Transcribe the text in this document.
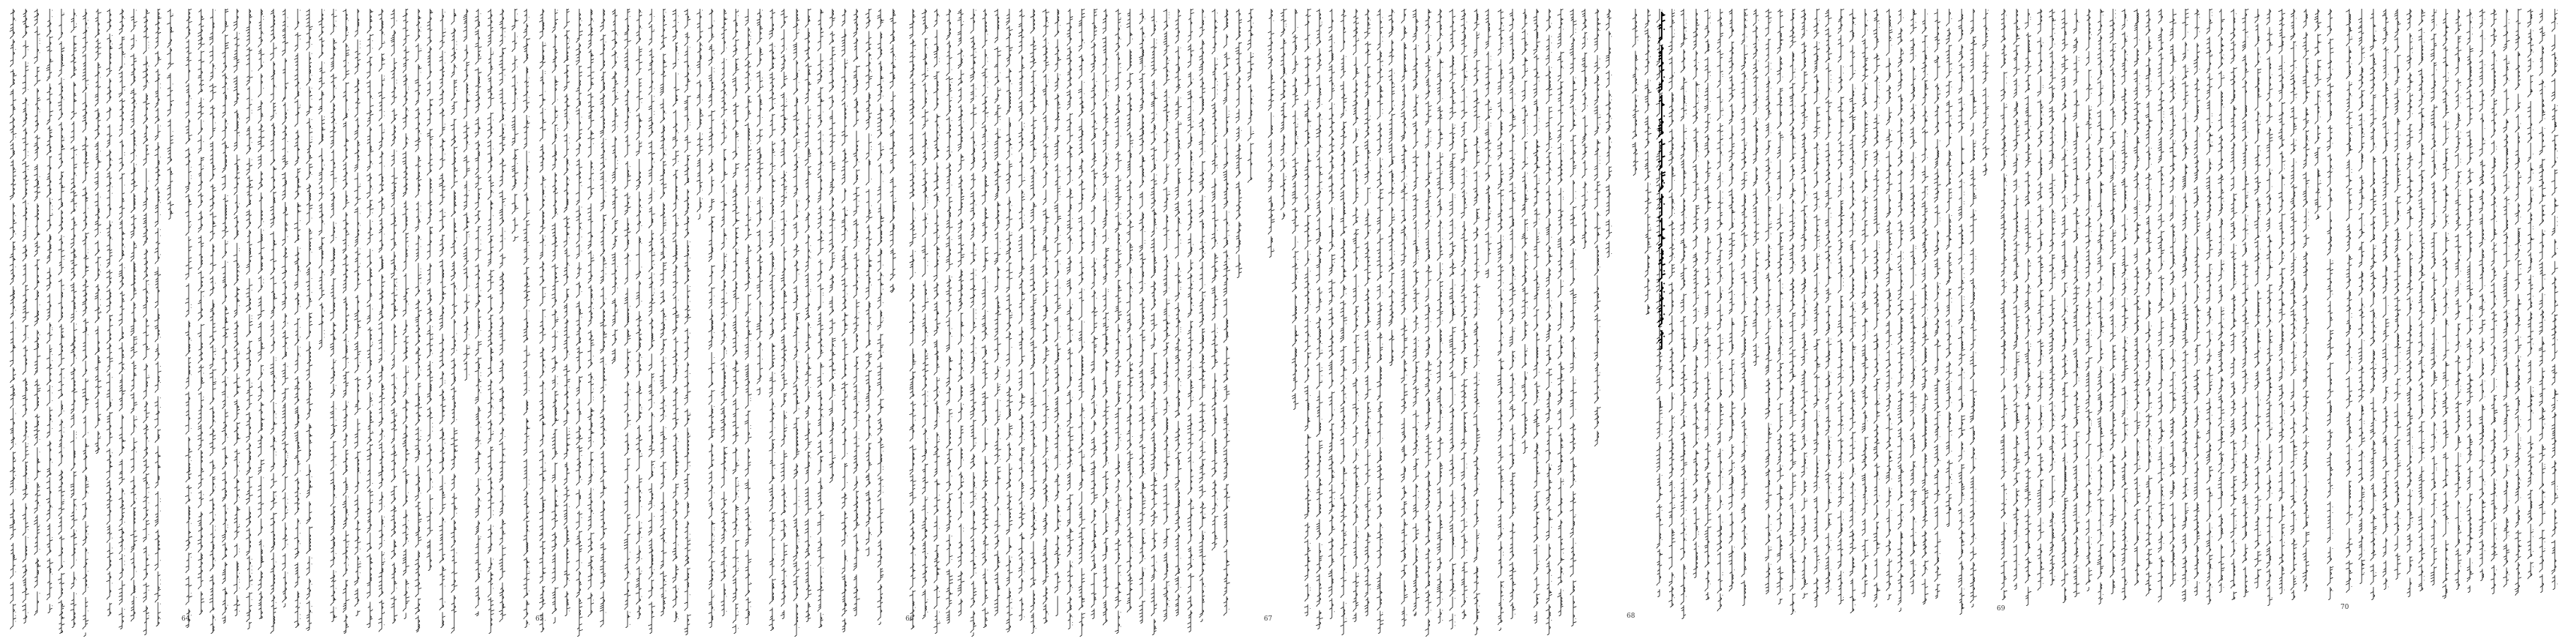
64	65	66	67	68
69	70
